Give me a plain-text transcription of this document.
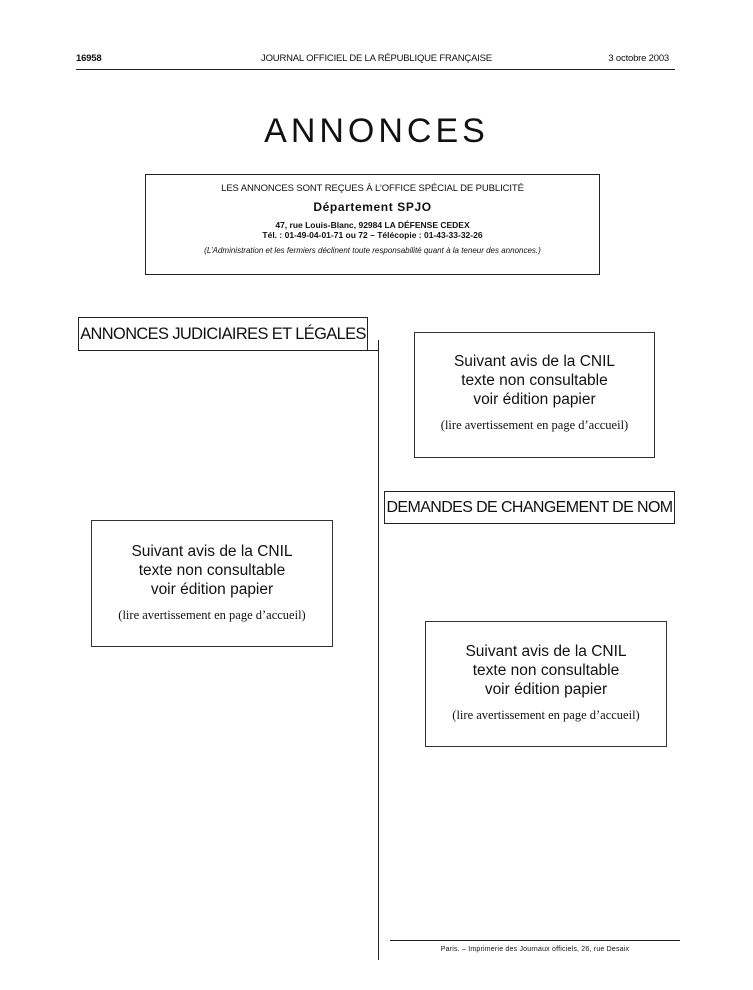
16958	JOURNAL OFFICIEL DE LA RÉPUBLIQUE FRANÇAISE	3 octobre 2003
ANNONCES
LES ANNONCES SONT REÇUES À L’OFFICE SPÉCIAL DE PUBLICITÉ
Département SPJO
47, rue Louis-Blanc, 92984 LA DÉFENSE CEDEX
Tél. : 01-49-04-01-71 ou 72 – Télécopie : 01-43-33-32-26
(L’Administration et les fermiers déclinent toute responsabilité quant à la teneur des annonces.)
ANNONCES JUDICIAIRES ET LÉGALES
Suivant avis de la CNIL
texte non consultable
voir édition papier
(lire avertissement en page d’accueil)
DEMANDES DE CHANGEMENT DE NOM
Suivant avis de la CNIL
texte non consultable
voir édition papier
(lire avertissement en page d’accueil)
Suivant avis de la CNIL
texte non consultable
voir édition papier
(lire avertissement en page d’accueil)
Paris. – Imprimerie des Journaux officiels, 26, rue Desaix
